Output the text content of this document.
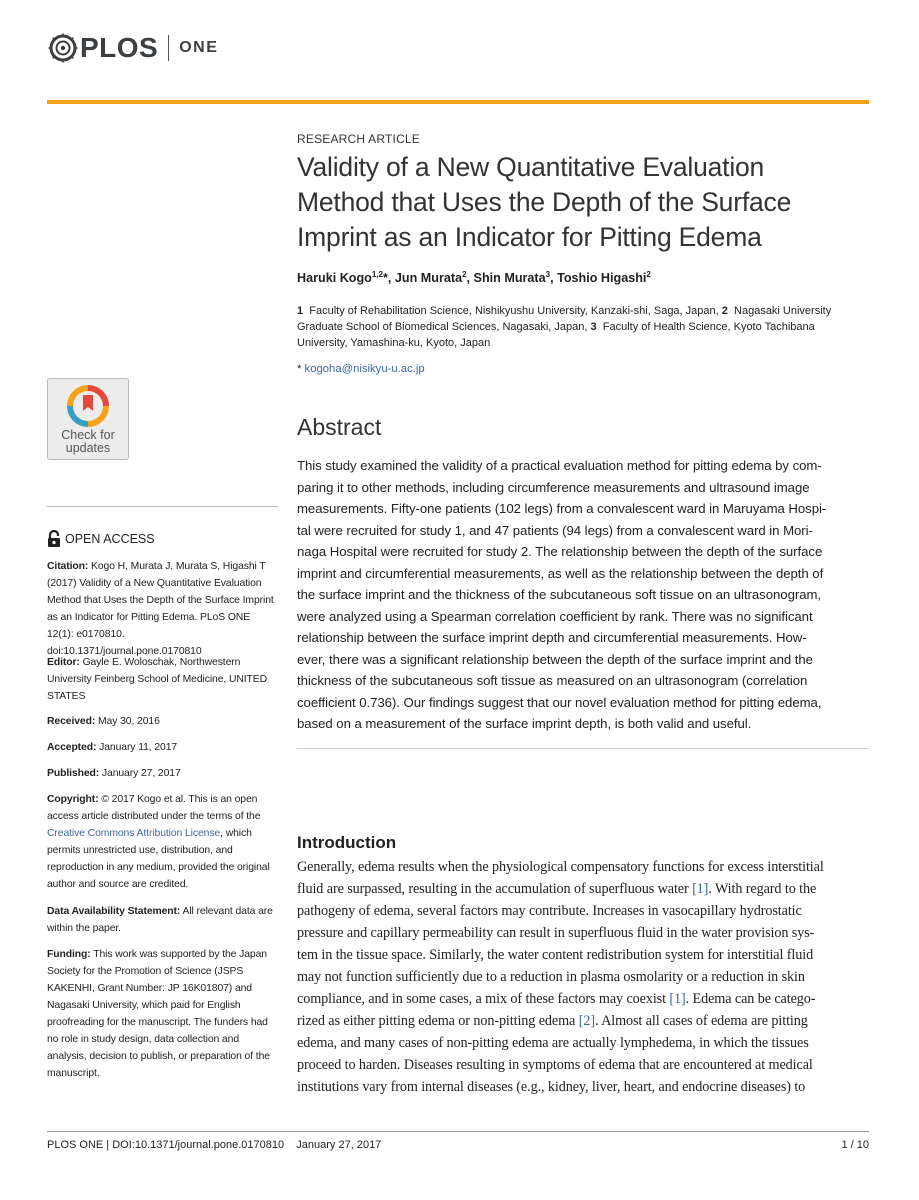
PLOS ONE
Check for
updates
OPEN ACCESS
Citation: Kogo H, Murata J, Murata S, Higashi T (2017) Validity of a New Quantitative Evaluation Method that Uses the Depth of the Surface Imprint as an Indicator for Pitting Edema. PLoS ONE 12(1): e0170810. doi:10.1371/journal.pone.0170810
Editor: Gayle E. Woloschak, Northwestern University Feinberg School of Medicine, UNITED STATES
Received: May 30, 2016
Accepted: January 11, 2017
Published: January 27, 2017
Copyright: © 2017 Kogo et al. This is an open access article distributed under the terms of the Creative Commons Attribution License, which permits unrestricted use, distribution, and reproduction in any medium, provided the original author and source are credited.
Data Availability Statement: All relevant data are within the paper.
Funding: This work was supported by the Japan Society for the Promotion of Science (JSPS KAKENHI, Grant Number: JP 16K01807) and Nagasaki University, which paid for English proofreading for the manuscript. The funders had no role in study design, data collection and analysis, decision to publish, or preparation of the manuscript.
RESEARCH ARTICLE
Validity of a New Quantitative Evaluation Method that Uses the Depth of the Surface Imprint as an Indicator for Pitting Edema
Haruki Kogo$^{1,2}$*, Jun Murata$^2$, Shin Murata$^3$, Toshio Higashi$^2$
1 Faculty of Rehabilitation Science, Nishikyushu University, Kanzaki-shi, Saga, Japan, 2 Nagasaki University Graduate School of Biomedical Sciences, Nagasaki, Japan, 3 Faculty of Health Science, Kyoto Tachibana University, Yamashina-ku, Kyoto, Japan
* kogoha@nisikyu-u.ac.jp
Abstract
This study examined the validity of a practical evaluation method for pitting edema by com-
paring it to other methods, including circumference measurements and ultrasound image
measurements. Fifty-one patients (102 legs) from a convalescent ward in Maruyama Hospi-
tal were recruited for study 1, and 47 patients (94 legs) from a convalescent ward in Mori-
naga Hospital were recruited for study 2. The relationship between the depth of the surface
imprint and circumferential measurements, as well as the relationship between the depth of
the surface imprint and the thickness of the subcutaneous soft tissue on an ultrasonogram,
were analyzed using a Spearman correlation coefficient by rank. There was no significant
relationship between the surface imprint depth and circumferential measurements. How-
ever, there was a significant relationship between the depth of the surface imprint and the
thickness of the subcutaneous soft tissue as measured on an ultrasonogram (correlation
coefficient 0.736). Our findings suggest that our novel evaluation method for pitting edema,
based on a measurement of the surface imprint depth, is both valid and useful.
Introduction
Generally, edema results when the physiological compensatory functions for excess interstitial
fluid are surpassed, resulting in the accumulation of superfluous water [1]. With regard to the
pathogeny of edema, several factors may contribute. Increases in vasocapillary hydrostatic
pressure and capillary permeability can result in superfluous fluid in the water provision sys-
tem in the tissue space. Similarly, the water content redistribution system for interstitial fluid
may not function sufficiently due to a reduction in plasma osmolarity or a reduction in skin
compliance, and in some cases, a mix of these factors may coexist [1]. Edema can be catego-
rized as either pitting edema or non-pitting edema [2]. Almost all cases of edema are pitting
edema, and many cases of non-pitting edema are actually lymphedema, in which the tissues
proceed to harden. Diseases resulting in symptoms of edema that are encountered at medical
institutions vary from internal diseases (e.g., kidney, liver, heart, and endocrine diseases) to
PLOS ONE | DOI:10.1371/journal.pone.0170810    January 27, 2017	1 / 10
